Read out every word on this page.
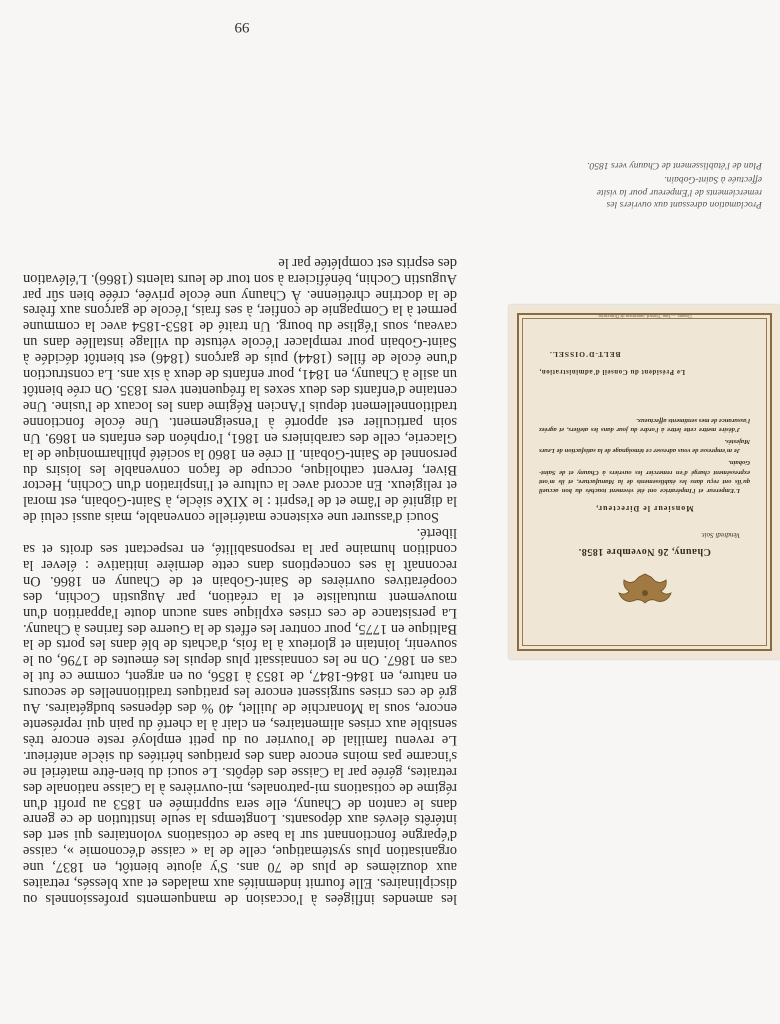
99

les amendes infligées à l'occasion de manquements professionnels ou disciplinaires. Elle fournit indemnités aux malades et aux blessés, retraites aux douzièmes de plus de 70 ans. S'y ajoute bientôt, en 1837, une organisation plus systématique, celle de la « caisse d'économie », caisse d'épargne fonctionnant sur la base de cotisations volontaires qui sert des intérêts élevés aux déposants. Longtemps la seule institution de ce genre dans le canton de Chauny, elle sera supprimée en 1853 au profit d'un régime de cotisations mi-patronales, mi-ouvrières à la Caisse nationale des retraites, gérée par la Caisse des dépôts. Le souci du bien-être matériel ne s'incarne pas moins encore dans des pratiques héritées du siècle antérieur. Le revenu familial de l'ouvrier ou du petit employé reste encore très sensible aux crises alimentaires, en clair à la cherté du pain qui représente encore, sous la Monarchie de Juillet, 40 % des dépenses budgétaires. Au gré de ces crises surgissent encore les pratiques traditionnelles de secours en nature, en 1846-1847, de 1853 à 1856, ou en argent, comme ce fut le cas en 1867. On ne les connaissait plus depuis les émeutes de 1796, ou le souvenir, lointain et glorieux à la fois, d'achats de blé dans les ports de la Baltique en 1775, pour contrer les effets de la Guerre des farines à Chauny. La persistance de ces crises explique sans aucun doute l'apparition d'un mouvement mutualiste et la création, par Augustin Cochin, des coopératives ouvrières de Saint-Gobain et de Chauny en 1866. On reconnaît là ses conceptions dans cette dernière initiative : élever la condition humaine par la responsabilité, en respectant ses droits et sa liberté.

Souci d'assurer une existence matérielle convenable, mais aussi celui de la dignité de l'âme et de l'esprit : le XIXe siècle, à Saint-Gobain, est moral et religieux. En accord avec la culture et l'inspiration d'un Cochin, Hector Biver, fervent catholique, occupe de façon convenable les loisirs du personnel de Saint-Gobain. Il crée en 1860 la société philharmonique de la Glacerie, celle des carabiniers en 1861, l'orphéon des enfants en 1869. Un soin particulier est apporté à l'enseignement. Une école fonctionne traditionnellement depuis l'Ancien Régime dans les locaux de l'usine. Une centaine d'enfants des deux sexes la fréquentent vers 1835. On crée bientôt un asile à Chauny, en 1841, pour enfants de deux à six ans. La construction d'une école de filles (1844) puis de garçons (1846) est bientôt décidée à Saint-Gobain pour remplacer l'école vétuste du village installée dans un caveau, sous l'église du bourg. Un traité de 1853-1854 avec la commune permet à la Compagnie de confier, à ses frais, l'école de garçons aux frères de la doctrine chrétienne. À Chauny une école privée, créée bien sûr par Augustin Cochin, bénéficiera à son tour de leurs talents (1866). L'élévation des esprits est complétée par le

Proclamation adressant aux ouvriers les remerciements de l'Empereur pour la visite effectuée à Saint-Gobain.
Plan de l'établissement de Chauny vers 1850.
Chauny, 26 Novembre 1858.
Vendredi Soir.
Monsieur le Directeur,

L'Empereur et l'Impératrice ont été vivement touchés du bon accueil qu'ils ont reçu dans les établissements de la Manufacture, et ils m'ont expressément chargé d'en remercier les ouvriers à Chauny et de Saint-Gobain.

Je m'empresse de vous adresser ce témoignage de la satisfaction de Leurs Majestés.

J'désire mettre cette lettre à l'ordre du jour dans les ateliers, et agréez l'assurance de mes sentiments affectueux.

Le Président du Conseil d'administration,
BELT-D'OISSEL.
Chauny. — Imp. Viséard, imprimeur de l'Entreprise.
